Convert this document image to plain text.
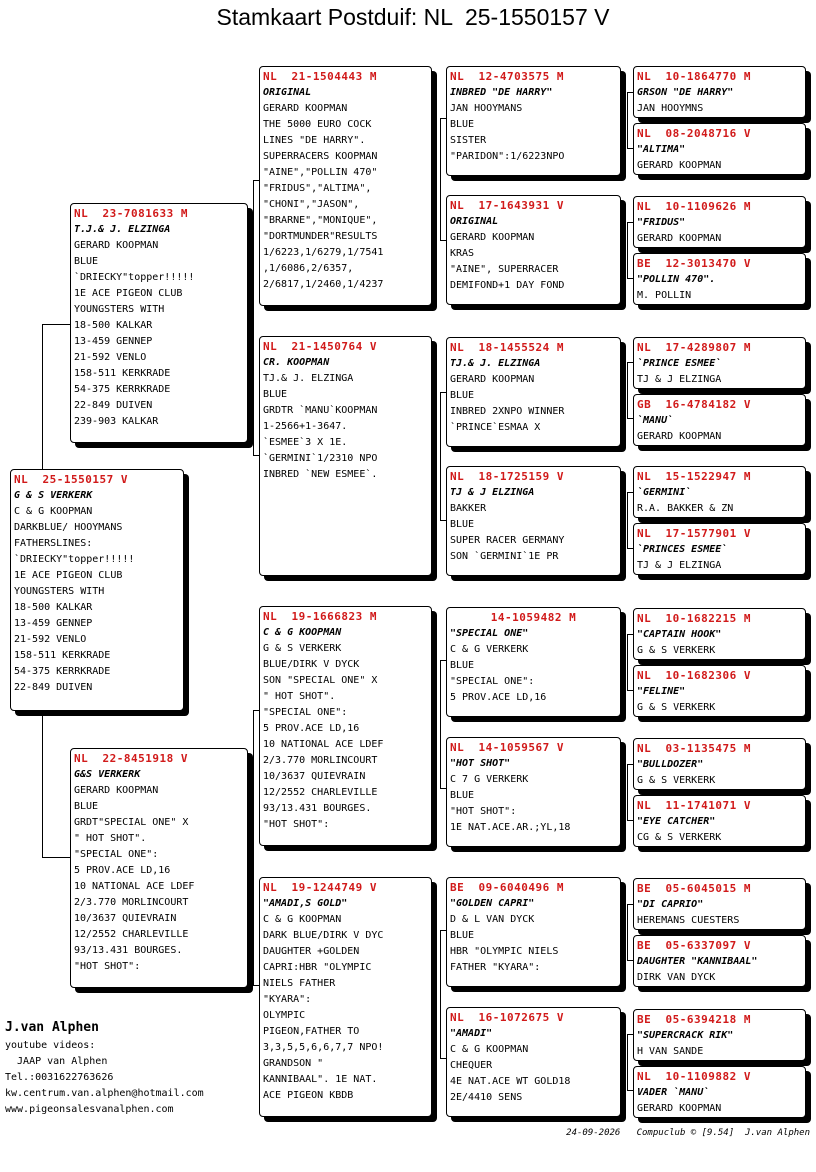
Stamkaart Postduif: NL  25-1550157 V
NL  25-1550157 V
G & S VERKERK
C & G KOOPMAN
DARKBLUE/ HOOYMANS
FATHERSLINES:
`DRIECKY"topper!!!!!
1E ACE PIGEON CLUB
YOUNGSTERS WITH
18-500 KALKAR
13-459 GENNEP
21-592 VENLO
158-511 KERKRADE
54-375 KERRKRADE
22-849 DUIVEN
NL  23-7081633 M
T.J.& J. ELZINGA
GERARD KOOPMAN
BLUE
`DRIECKY"topper!!!!!
1E ACE PIGEON CLUB
YOUNGSTERS WITH
18-500 KALKAR
13-459 GENNEP
21-592 VENLO
158-511 KERKRADE
54-375 KERRKRADE
22-849 DUIVEN
239-903 KALKAR
NL  22-8451918 V
G&S VERKERK
GERARD KOOPMAN
BLUE
GRDT"SPECIAL ONE" X
" HOT SHOT".
"SPECIAL ONE":
5 PROV.ACE LD,16
10 NATIONAL ACE LDEF
2/3.770 MORLINCOURT
10/3637 QUIEVRAIN
12/2552 CHARLEVILLE
93/13.431 BOURGES.
"HOT SHOT":
NL  21-1504443 M
ORIGINAL
GERARD KOOPMAN
THE 5000 EURO COCK
LINES "DE HARRY".
SUPERRACERS KOOPMAN
"AINE","POLLIN 470"
"FRIDUS","ALTIMA",
"CHONI","JASON",
"BRARNE","MONIQUE",
"DORTMUNDER"RESULTS
1/6223,1/6279,1/7541
,1/6086,2/6357,
2/6817,1/2460,1/4237
NL  21-1450764 V
CR. KOOPMAN
TJ.& J. ELZINGA
BLUE
GRDTR `MANU`KOOPMAN
1-2566+1-3647.
`ESMEE`3 X 1E.
`GERMINI`1/2310 NPO
INBRED `NEW ESMEE`.
NL  19-1666823 M
C & G KOOPMAN
G & S VERKERK
BLUE/DIRK V DYCK
SON "SPECIAL ONE" X
" HOT SHOT".
"SPECIAL ONE":
5 PROV.ACE LD,16
10 NATIONAL ACE LDEF
2/3.770 MORLINCOURT
10/3637 QUIEVRAIN
12/2552 CHARLEVILLE
93/13.431 BOURGES.
"HOT SHOT":
NL  19-1244749 V
"AMADI,S GOLD"
C & G KOOPMAN
DARK BLUE/DIRK V DYC
DAUGHTER +GOLDEN
CAPRI:HBR "OLYMPIC
NIELS FATHER
"KYARA":
OLYMPIC
PIGEON,FATHER TO
3,3,5,5,6,6,7,7 NPO!
GRANDSON "
KANNIBAAL". 1E NAT.
ACE PIGEON KBDB
NL  12-4703575 M
INBRED "DE HARRY"
JAN HOOYMANS
BLUE
SISTER
"PARIDON":1/6223NPO
NL  17-1643931 V
ORIGINAL
GERARD KOOPMAN
KRAS
"AINE", SUPERRACER
DEMIFOND+1 DAY FOND
NL  18-1455524 M
TJ.& J. ELZINGA
GERARD KOOPMAN
BLUE
INBRED 2XNPO WINNER
`PRINCE`ESMAA X
NL  18-1725159 V
TJ & J ELZINGA
BAKKER
BLUE
SUPER RACER GERMANY
SON `GERMINI`1E PR
14-1059482 M
"SPECIAL ONE"
C & G VERKERK
BLUE
"SPECIAL ONE":
5 PROV.ACE LD,16
NL  14-1059567 V
"HOT SHOT"
C 7 G VERKERK
BLUE
"HOT SHOT":
1E NAT.ACE.AR.;YL,18
BE  09-6040496 M
"GOLDEN CAPRI"
D & L VAN DYCK
BLUE
HBR "OLYMPIC NIELS
FATHER "KYARA":
NL  16-1072675 V
"AMADI"
C & G KOOPMAN
CHEQUER
4E NAT.ACE WT GOLD18
2E/4410 SENS
NL  10-1864770 M
GRSON "DE HARRY"
JAN HOOYMNS
NL  08-2048716 V
"ALTIMA"
GERARD KOOPMAN
NL  10-1109626 M
"FRIDUS"
GERARD KOOPMAN
BE  12-3013470 V
"POLLIN 470".
M. POLLIN
NL  17-4289807 M
`PRINCE ESMEE`
TJ & J ELZINGA
GB  16-4784182 V
`MANU`
GERARD KOOPMAN
NL  15-1522947 M
`GERMINI`
R.A. BAKKER & ZN
NL  17-1577901 V
`PRINCES ESMEE`
TJ & J ELZINGA
NL  10-1682215 M
"CAPTAIN HOOK"
G & S VERKERK
NL  10-1682306 V
"FELINE"
G & S VERKERK
NL  03-1135475 M
"BULLDOZER"
G & S VERKERK
NL  11-1741071 V
"EYE CATCHER"
CG & S VERKERK
BE  05-6045015 M
"DI CAPRIO"
HEREMANS CUESTERS
BE  05-6337097 V
DAUGHTER "KANNIBAAL"
DIRK VAN DYCK
BE  05-6394218 M
"SUPERCRACK RIK"
H VAN SANDE
NL  10-1109882 V
VADER `MANU`
GERARD KOOPMAN
J.van Alphen
youtube videos:
JAAP van Alphen
Tel.:0031622763626
kw.centrum.van.alphen@hotmail.com
www.pigeonsalesvanalphen.com
24-09-2026   Compuclub © [9.54]  J.van Alphen
